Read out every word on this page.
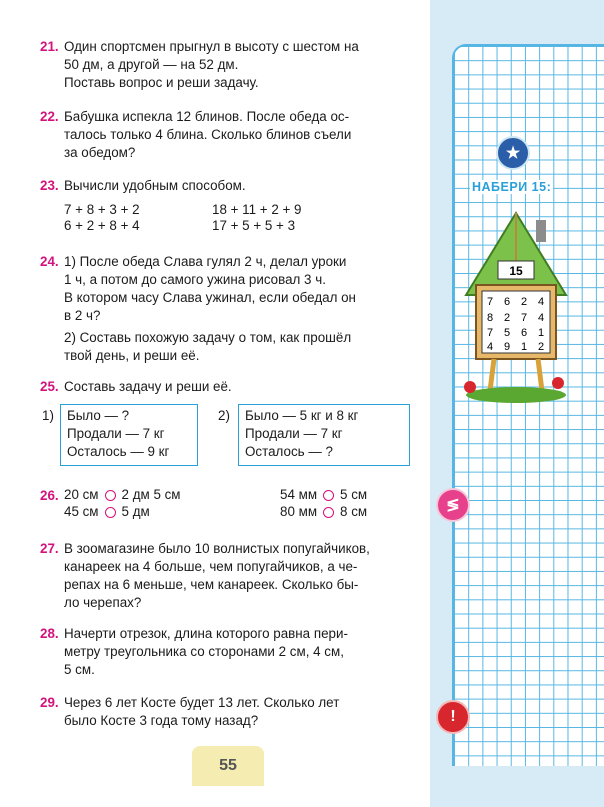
21. Один спортсмен прыгнул в высоту с шестом на
50 дм, а другой — на 52 дм.
Поставь вопрос и реши задачу.
22. Бабушка испекла 12 блинов. После обеда ос-
талось только 4 блина. Сколько блинов съели
за обедом?
23. Вычисли удобным способом.
7 + 8 + 3 + 2	18 + 11 + 2 + 9
6 + 2 + 8 + 4	17 + 5 + 5 + 3
24. 1) После обеда Слава гулял 2 ч, делал уроки
1 ч, а потом до самого ужина рисовал 3 ч.
В котором часу Слава ужинал, если обедал он
в 2 ч?
2) Составь похожую задачу о том, как прошёл
твой день, и реши её.
25. Составь задачу и реши её.
1) Было — ?
Продали — 7 кг
Осталось — 9 кг
2) Было — 5 кг и 8 кг
Продали — 7 кг
Осталось — ?
26. 20 см 2 дм 5 см
45 см 5 дм
54 мм 5 см
80 мм 8 см
27. В зоомагазине было 10 волнистых попугайчиков,
канареек на 4 больше, чем попугайчиков, а че-
репах на 6 меньше, чем канареек. Сколько бы-
ло черепах?
28. Начерти отрезок, длина которого равна пери-
метру треугольника со сторонами 2 см, 4 см,
5 см.
29. Через 6 лет Косте будет 13 лет. Сколько лет
было Косте 3 года тому назад?
55
★
≶
!
НАБЕРИ 15:
15
7 6 2 4
8 2 7 4
7 5 6 1
4 9 1 2
